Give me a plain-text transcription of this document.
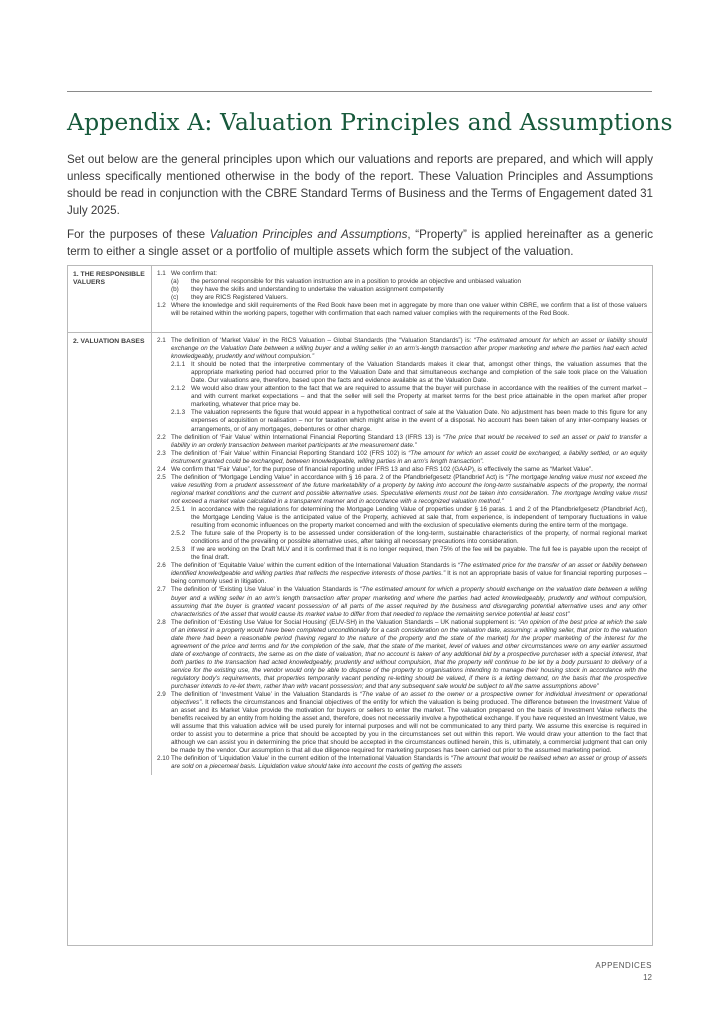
Appendix A: Valuation Principles and Assumptions

Set out below are the general principles upon which our valuations and reports are prepared, and which will apply unless specifically mentioned otherwise in the body of the report. These Valuation Principles and Assumptions should be read in conjunction with the CBRE Standard Terms of Business and the Terms of Engagement dated 31 July 2025.

For the purposes of these Valuation Principles and Assumptions, “Property” is applied hereinafter as a generic term to either a single asset or a portfolio of multiple assets which form the subject of the valuation.

1. THE RESPONSIBLE VALUERS
1.1 We confirm that:
(a)	the personnel responsible for this valuation instruction are in a position to provide an objective and unbiased valuation
(b)	they have the skills and understanding to undertake the valuation assignment competently
(c)	they are RICS Registered Valuers.
1.2 Where the knowledge and skill requirements of the Red Book have been met in aggregate by more than one valuer within CBRE, we confirm that a list of those valuers will be retained within the working papers, together with confirmation that each named valuer complies with the requirements of the Red Book.
2. VALUATION BASES	2.1 The definition of ‘Market Value’ in the RICS Valuation – Global Standards (the “Valuation Standards”) is: “The estimated amount for which an asset or liability should exchange on the Valuation Date between a willing buyer and a willing seller in an arm’s-length transaction after proper marketing and where the parties had each acted knowledgeably, prudently and without compulsion.”
2.1.1 It should be noted that the interpretive commentary of the Valuation Standards makes it clear that, amongst other things, the valuation assumes that the appropriate marketing period had occurred prior to the Valuation Date and that simultaneous exchange and completion of the sale took place on the Valuation Date. Our valuations are, therefore, based upon the facts and evidence available as at the Valuation Date.
2.1.2 We would also draw your attention to the fact that we are required to assume that the buyer will purchase in accordance with the realities of the current market – and with current market expectations – and that the seller will sell the Property at market terms for the best price attainable in the open market after proper marketing, whatever that price may be.
2.1.3 The valuation represents the figure that would appear in a hypothetical contract of sale at the Valuation Date. No adjustment has been made to this figure for any expenses of acquisition or realisation – nor for taxation which might arise in the event of a disposal. No account has been taken of any inter-company leases or arrangements, or of any mortgages, debentures or other charge.
2.2 The definition of ‘Fair Value’ within International Financial Reporting Standard 13 (IFRS 13) is “The price that would be received to sell an asset or paid to transfer a liability in an orderly transaction between market participants at the measurement date.”
2.3 The definition of ‘Fair Value’ within Financial Reporting Standard 102 (FRS 102) is “The amount for which an asset could be exchanged, a liability settled, or an equity instrument granted could be exchanged, between knowledgeable, willing parties in an arm’s length transaction”.
2.4 We confirm that “Fair Value”, for the purpose of financial reporting under IFRS 13 and also FRS 102 (GAAP), is effectively the same as “Market Value”.
2.5 The definition of “Mortgage Lending Value” in accordance with § 16 para. 2 of the Pfandbriefgesetz (Pfandbrief Act) is “The mortgage lending value must not exceed the value resulting from a prudent assessment of the future marketability of a property by taking into account the long-term sustainable aspects of the property, the normal regional market conditions and the current and possible alternative uses. Speculative elements must not be taken into consideration. The mortgage lending value must not exceed a market value calculated in a transparent manner and in accordance with a recognized valuation method.”
2.5.1 In accordance with the regulations for determining the Mortgage Lending Value of properties under § 16 paras. 1 and 2 of the Pfandbriefgesetz (Pfandbrief Act), the Mortgage Lending Value is the anticipated value of the Property, achieved at sale that, from experience, is independent of temporary fluctuations in value resulting from economic influences on the property market concerned and with the exclusion of speculative elements during the entire term of the mortgage.
2.5.2 The future sale of the Property is to be assessed under consideration of the long-term, sustainable characteristics of the property, of normal regional market conditions and of the prevailing or possible alternative uses, after taking all necessary precautions into consideration.
2.5.3 If we are working on the Draft MLV and it is confirmed that it is no longer required, then 75% of the fee will be payable. The full fee is payable upon the receipt of the final draft.
2.6 The definition of ‘Equitable Value’ within the current edition of the International Valuation Standards is “The estimated price for the transfer of an asset or liability between identified knowledgeable and willing parties that reflects the respective interests of those parties.” It is not an appropriate basis of value for financial reporting purposes – being commonly used in litigation.
2.7 The definition of ‘Existing Use Value’ in the Valuation Standards is “The estimated amount for which a property should exchange on the valuation date between a willing buyer and a willing seller in an arm’s length transaction after proper marketing and where the parties had acted knowledgeably, prudently and without compulsion, assuming that the buyer is granted vacant possession of all parts of the asset required by the business and disregarding potential alternative uses and any other characteristics of the asset that would cause its market value to differ from that needed to replace the remaining service potential at least cost”
2.8 The definition of ‘Existing Use Value for Social Housing’ (EUV-SH) in the Valuation Standards – UK national supplement is: “An opinion of the best price at which the sale of an interest in a property would have been completed unconditionally for a cash consideration on the valuation date, assuming: a willing seller, that prior to the valuation date there had been a reasonable period (having regard to the nature of the property and the state of the market) for the proper marketing of the interest for the agreement of the price and terms and for the completion of the sale, that the state of the market, level of values and other circumstances were on any earlier assumed date of exchange of contracts, the same as on the date of valuation, that no account is taken of any additional bid by a prospective purchaser with a special interest, that both parties to the transaction had acted knowledgeably, prudently and without compulsion, that the property will continue to be let by a body pursuant to delivery of a service for the existing use, the vendor would only be able to dispose of the property to organisations intending to manage their housing stock in accordance with the regulatory body’s requirements, that properties temporarily vacant pending re-letting should be valued, if there is a letting demand, on the basis that the prospective purchaser intends to re-let them, rather than with vacant possession; and that any subsequent sale would be subject to all the same assumptions above”
2.9 The definition of ‘Investment Value’ in the Valuation Standards is “The value of an asset to the owner or a prospective owner for individual investment or operational objectives”. It reflects the circumstances and financial objectives of the entity for which the valuation is being produced. The difference between the Investment Value of an asset and its Market Value provide the motivation for buyers or sellers to enter the market. The valuation prepared on the basis of Investment Value reflects the benefits received by an entity from holding the asset and, therefore, does not necessarily involve a hypothetical exchange. If you have requested an Investment Value, we will assume that this valuation advice will be used purely for internal purposes and will not be communicated to any third party. We assume this exercise is required in order to assist you to determine a price that should be accepted by you in the circumstances set out within this report. We would draw your attention to the fact that although we can assist you in determining the price that should be accepted in the circumstances outlined herein, this is, ultimately, a commercial judgment that can only be made by the vendor. Our assumption is that all due diligence required for marketing purposes has been carried out prior to the assumed marketing period.
2.10 The definition of ‘Liquidation Value’ in the current edition of the International Valuation Standards is “The amount that would be realised when an asset or group of assets are sold on a piecemeal basis. Liquidation value should take into account the costs of getting the assets
APPENDICES
12
